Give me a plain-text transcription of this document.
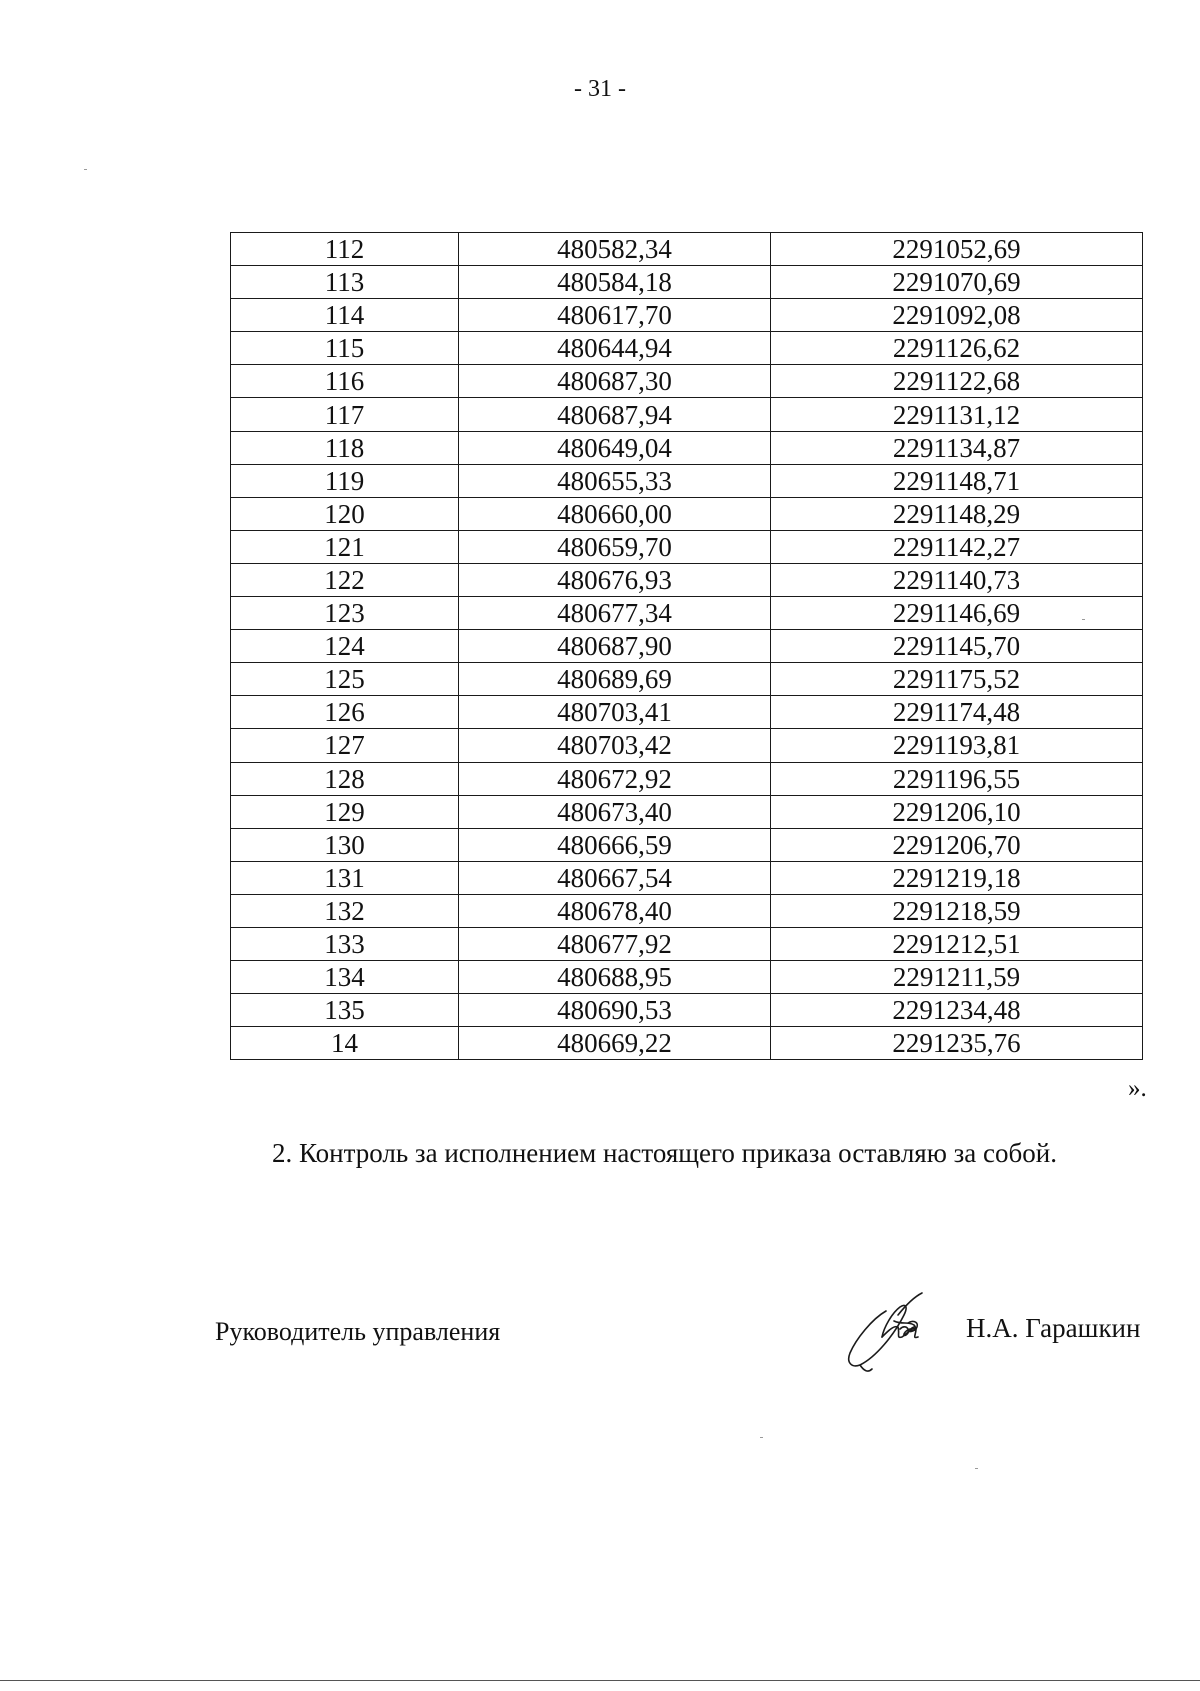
- 31 -
112	480582,34	2291052,69
113	480584,18	2291070,69
114	480617,70	2291092,08
115	480644,94	2291126,62
116	480687,30	2291122,68
117	480687,94	2291131,12
118	480649,04	2291134,87
119	480655,33	2291148,71
120	480660,00	2291148,29
121	480659,70	2291142,27
122	480676,93	2291140,73
123	480677,34	2291146,69
124	480687,90	2291145,70
125	480689,69	2291175,52
126	480703,41	2291174,48
127	480703,42	2291193,81
128	480672,92	2291196,55
129	480673,40	2291206,10
130	480666,59	2291206,70
131	480667,54	2291219,18
132	480678,40	2291218,59
133	480677,92	2291212,51
134	480688,95	2291211,59
135	480690,53	2291234,48
14	480669,22	2291235,76
».
2. Контроль за исполнением настоящего приказа оставляю за собой.
Руководитель управления	Н.А. Гарашкин
